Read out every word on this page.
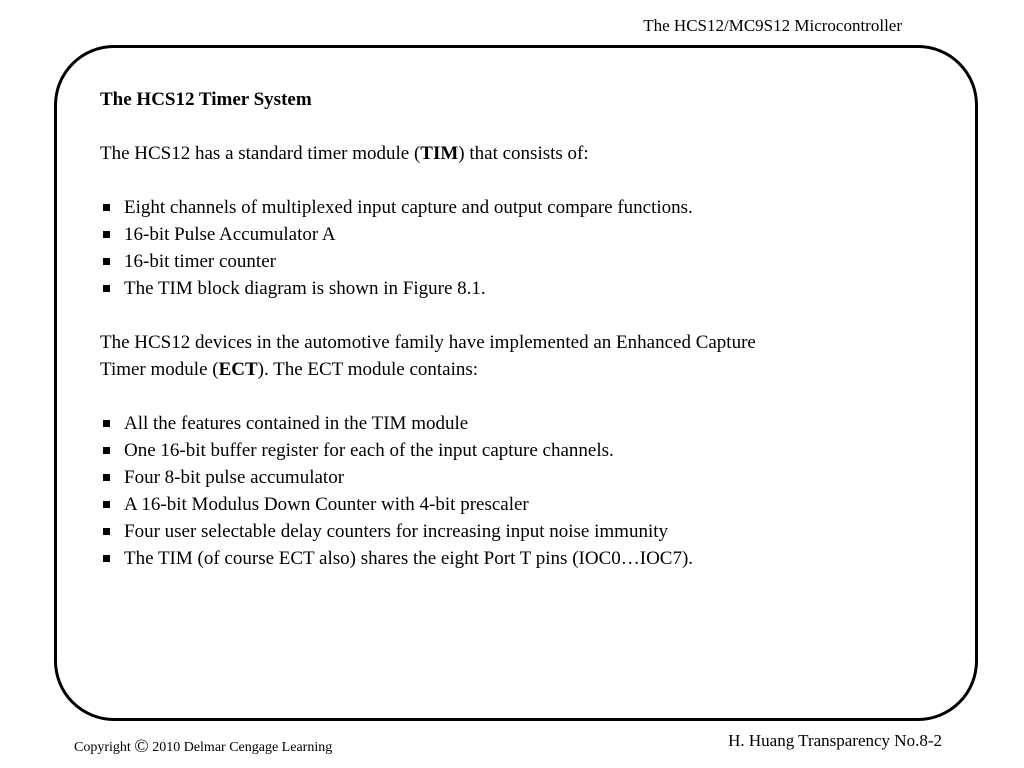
The HCS12/MC9S12 Microcontroller

The HCS12 Timer System

The HCS12 has a standard timer module (TIM) that consists of:

Eight channels of multiplexed input capture and output compare functions.
16-bit Pulse Accumulator A
16-bit timer counter
The TIM block diagram is shown in Figure 8.1.

The HCS12 devices in the automotive family have implemented an Enhanced Capture
Timer module (ECT). The ECT module contains:

All the features contained in the TIM module
One 16-bit buffer register for each of the input capture channels.
Four 8-bit pulse accumulator
A 16-bit Modulus Down Counter with 4-bit prescaler
Four user selectable delay counters for increasing input noise immunity
The TIM (of course ECT also) shares the eight Port T pins (IOC0…IOC7).
Copyright © 2010 Delmar Cengage Learning	H. Huang Transparency No.8-2
